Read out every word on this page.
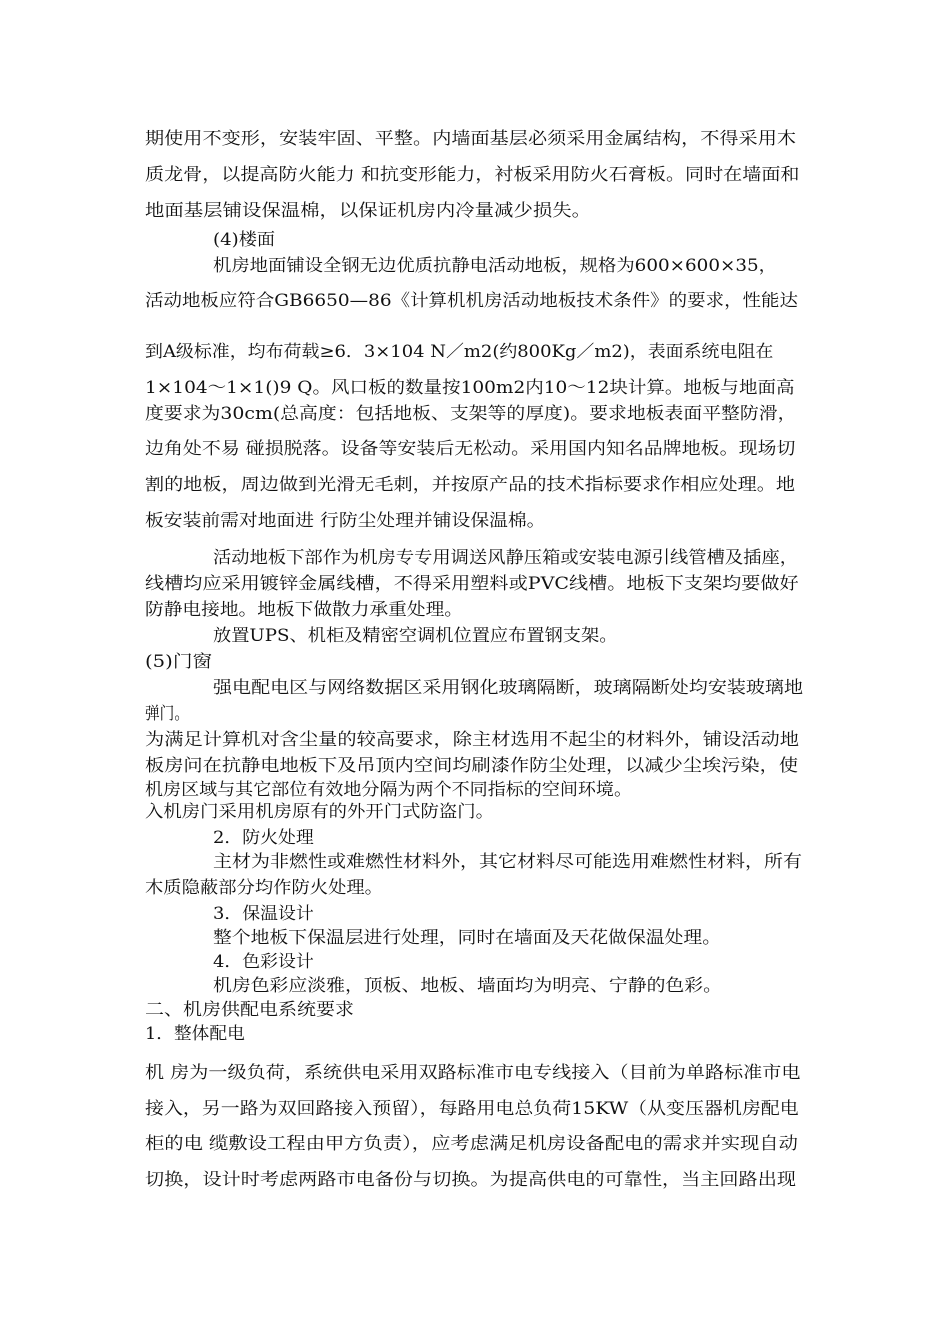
期使用不变形，安装牢固、平整。内墙面基层必须采用金属结构，不得采用木
质龙骨，以提高防火能力 和抗变形能力，衬板采用防火石膏板。同时在墙面和
地面基层铺设保温棉，以保证机房内冷量减少损失。
(4)楼面
机房地面铺设全钢无边优质抗静电活动地板，规格为600×600×35，
活动地板应符合GB6650—86《计算机机房活动地板技术条件》的要求，性能达
到A级标准，均布荷载≥6．3×104 N／m2(约800Kg／m2)，表面系统电阻在
1×104～1×1()9 Q。风口板的数量按100m2内10～12块计算。地板与地面高
度要求为30cm(总高度：包括地板、支架等的厚度)。要求地板表面平整防滑，
边角处不易 碰损脱落。设备等安装后无松动。采用国内知名品牌地板。现场切
割的地板，周边做到光滑无毛刺，并按原产品的技术指标要求作相应处理。地
板安装前需对地面进 行防尘处理并铺设保温棉。
活动地板下部作为机房专专用调送风静压箱或安装电源引线管槽及插座，
线槽均应采用镀锌金属线槽，不得采用塑料或PVC线槽。地板下支架均要做好
防静电接地。地板下做散力承重处理。
放置UPS、机柜及精密空调机位置应布置钢支架。
(5)门窗
强电配电区与网络数据区采用钢化玻璃隔断，玻璃隔断处均安装玻璃地
弹门。
为满足计算机对含尘量的较高要求，除主材选用不起尘的材料外，铺设活动地
板房问在抗静电地板下及吊顶内空间均刷漆作防尘处理，以减少尘埃污染，使
机房区域与其它部位有效地分隔为两个不同指标的空间环境。
入机房门采用机房原有的外开门式防盗门。
2．防火处理
主材为非燃性或难燃性材料外，其它材料尽可能选用难燃性材料，所有
木质隐蔽部分均作防火处理。
3．保温设计
整个地板下保温层进行处理，同时在墙面及天花做保温处理。
4．色彩设计
机房色彩应淡雅，顶板、地板、墙面均为明亮、宁静的色彩。
二、机房供配电系统要求
1．整体配电
机 房为一级负荷，系统供电采用双路标准市电专线接入（目前为单路标准市电
接入，另一路为双回路接入预留），每路用电总负荷15KW（从变压器机房配电
柜的电 缆敷设工程由甲方负责），应考虑满足机房设备配电的需求并实现自动
切换，设计时考虑两路市电备份与切换。为提高供电的可靠性，当主回路出现
